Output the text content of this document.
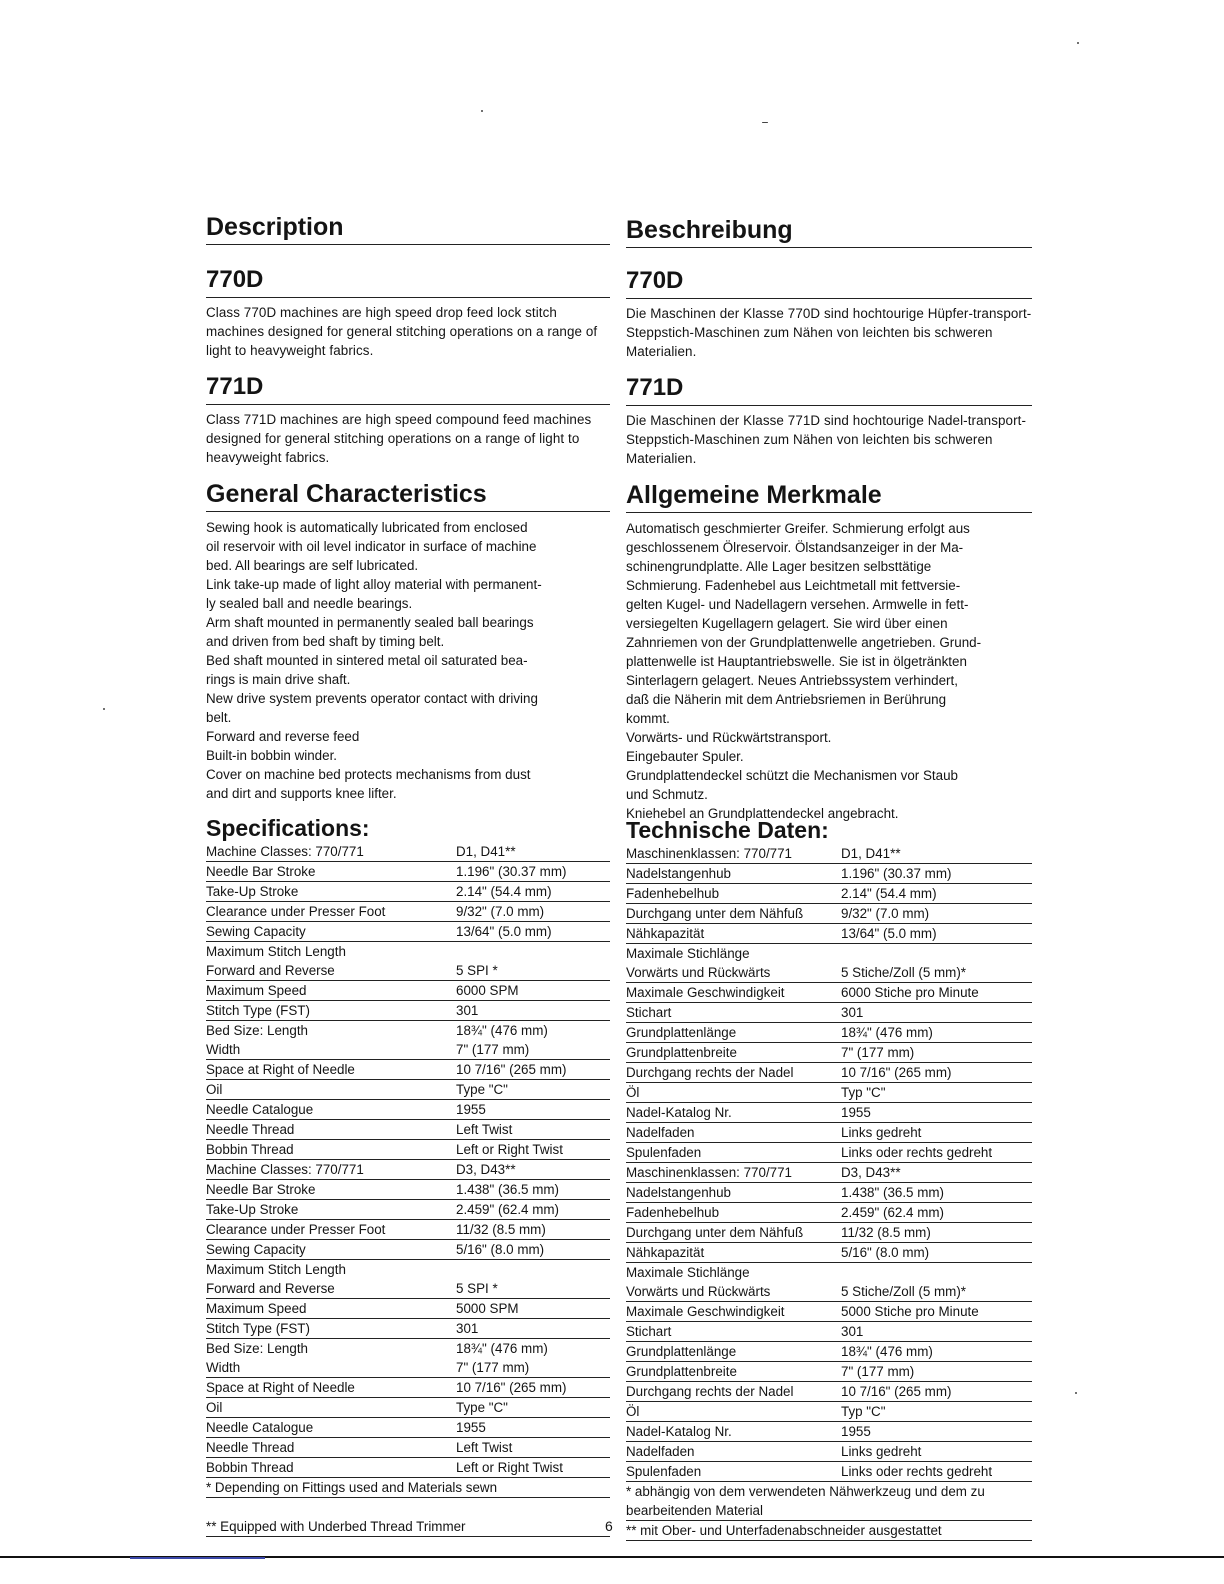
Description
770D

Class 770D machines are high speed drop feed lock stitch machines designed for general stitching operations on a range of light to heavyweight fabrics.

771D

Class 771D machines are high speed compound feed machines designed for general stitching operations on a range of light to heavyweight fabrics.

General Characteristics
Sewing hook is automatically lubricated from enclosed
oil reservoir with oil level indicator in surface of machine
bed. All bearings are self lubricated.
Link take-up made of light alloy material with permanent-
ly sealed ball and needle bearings.
Arm shaft mounted in permanently sealed ball bearings
and driven from bed shaft by timing belt.
Bed shaft mounted in sintered metal oil saturated bea-
rings is main drive shaft.
New drive system prevents operator contact with driving
belt.
Forward and reverse feed
Built-in bobbin winder.
Cover on machine bed protects mechanisms from dust
and dirt and supports knee lifter.
Specifications:
Machine Classes: 770/771	D1, D41**
Needle Bar Stroke	1.196" (30.37 mm)
Take-Up Stroke	2.14" (54.4 mm)
Clearance under Presser Foot	9/32" (7.0 mm)
Sewing Capacity	13/64" (5.0 mm)
Maximum Stitch Length	
Forward and Reverse	5 SPI *
Maximum Speed	6000 SPM
Stitch Type (FST)	301
Bed Size: Length	18¾" (476 mm)
Width	7" (177 mm)
Space at Right of Needle	10 7/16" (265 mm)
Oil	Type "C"
Needle Catalogue	1955
Needle Thread	Left Twist
Bobbin Thread	Left or Right Twist
Machine Classes: 770/771	D3, D43**
Needle Bar Stroke	1.438" (36.5 mm)
Take-Up Stroke	2.459" (62.4 mm)
Clearance under Presser Foot	11/32 (8.5 mm)
Sewing Capacity	5/16" (8.0 mm)
Maximum Stitch Length	
Forward and Reverse	5 SPI *
Maximum Speed	5000 SPM
Stitch Type (FST)	301
Bed Size: Length	18¾" (476 mm)
Width	7" (177 mm)
Space at Right of Needle	10 7/16" (265 mm)
Oil	Type "C"
Needle Catalogue	1955
Needle Thread	Left Twist
Bobbin Thread	Left or Right Twist
* Depending on Fittings used and Materials sewn
** Equipped with Underbed Thread Trimmer
Beschreibung
770D

Die Maschinen der Klasse 770D sind hochtourige Hüpfer-transport-Steppstich-Maschinen zum Nähen von leichten bis schweren Materialien.

771D

Die Maschinen der Klasse 771D sind hochtourige Nadel-transport-Steppstich-Maschinen zum Nähen von leichten bis schweren Materialien.

Allgemeine Merkmale
Automatisch geschmierter Greifer. Schmierung erfolgt aus
geschlossenem Ölreservoir. Ölstandsanzeiger in der Ma-
schinengrundplatte. Alle Lager besitzen selbsttätige
Schmierung. Fadenhebel aus Leichtmetall mit fettversie-
gelten Kugel- und Nadellagern versehen. Armwelle in fett-
versiegelten Kugellagern gelagert. Sie wird über einen
Zahnriemen von der Grundplattenwelle angetrieben. Grund-
plattenwelle ist Hauptantriebswelle. Sie ist in ölgetränkten
Sinterlagern gelagert. Neues Antriebssystem verhindert,
daß die Näherin mit dem Antriebsriemen in Berührung
kommt.
Vorwärts- und Rückwärtstransport.
Eingebauter Spuler.
Grundplattendeckel schützt die Mechanismen vor Staub
und Schmutz.
Kniehebel an Grundplattendeckel angebracht.
Technische Daten:
Maschinenklassen: 770/771	D1, D41**
Nadelstangenhub	1.196" (30.37 mm)
Fadenhebelhub	2.14" (54.4 mm)
Durchgang unter dem Nähfuß	9/32" (7.0 mm)
Nähkapazität	13/64" (5.0 mm)
Maximale Stichlänge	
Vorwärts und Rückwärts	5 Stiche/Zoll (5 mm)*
Maximale Geschwindigkeit	6000 Stiche pro Minute
Stichart	301
Grundplattenlänge	18¾" (476 mm)
Grundplattenbreite	7" (177 mm)
Durchgang rechts der Nadel	10 7/16" (265 mm)
Öl	Typ "C"
Nadel-Katalog Nr.	1955
Nadelfaden	Links gedreht
Spulenfaden	Links oder rechts gedreht
Maschinenklassen: 770/771	D3, D43**
Nadelstangenhub	1.438" (36.5 mm)
Fadenhebelhub	2.459" (62.4 mm)
Durchgang unter dem Nähfuß	11/32 (8.5 mm)
Nähkapazität	5/16" (8.0 mm)
Maximale Stichlänge	
Vorwärts und Rückwärts	5 Stiche/Zoll (5 mm)*
Maximale Geschwindigkeit	5000 Stiche pro Minute
Stichart	301
Grundplattenlänge	18¾" (476 mm)
Grundplattenbreite	7" (177 mm)
Durchgang rechts der Nadel	10 7/16" (265 mm)
Öl	Typ "C"
Nadel-Katalog Nr.	1955
Nadelfaden	Links gedreht
Spulenfaden	Links oder rechts gedreht
* abhängig von dem verwendeten Nähwerkzeug und dem zu bearbeitenden Material
** mit Ober- und Unterfadenabschneider ausgestattet
6
